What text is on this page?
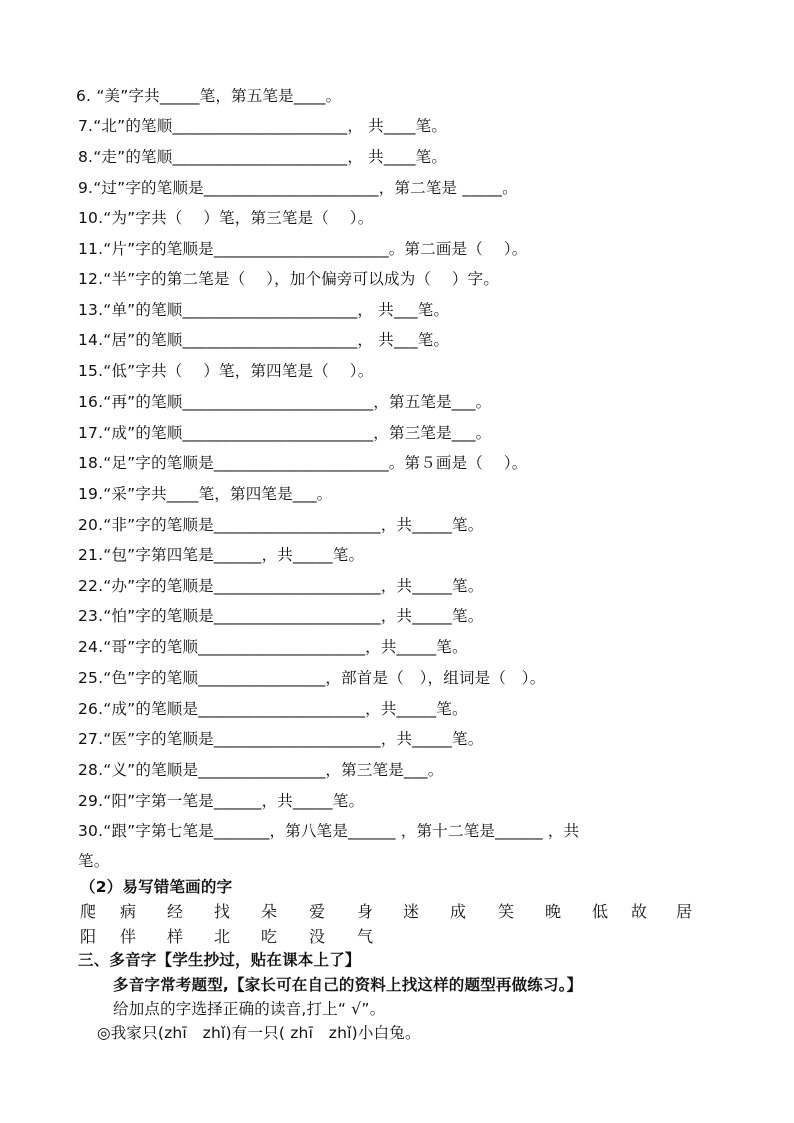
6. “美”字共_____笔，第五笔是____。
7.“北”的笔顺______________________， 共____笔。
8.“走”的笔顺______________________， 共____笔。
9.“过”字的笔顺是______________________，第二笔是 _____。
10.“为”字共（　 ）笔，第三笔是（　 ）。
11.“片”字的笔顺是______________________。第二画是（　 ）。
12.“半”字的第二笔是（　 ），加个偏旁可以成为（　 ）字。
13.“单”的笔顺______________________， 共___笔。
14.“居”的笔顺______________________， 共___笔。
15.“低”字共（　 ）笔，第四笔是（　 ）。
16.“再”的笔顺________________________，第五笔是___。
17.“成”的笔顺________________________，第三笔是___。
18.“足”字的笔顺是______________________。第５画是（　 ）。
19.“采”字共____笔，第四笔是___。
20.“非”字的笔顺是_____________________，共_____笔。
21.“包”字第四笔是______，共_____笔。
22.“办”字的笔顺是_____________________，共_____笔。
23.“怕”字的笔顺是_____________________，共_____笔。
24.“哥”字的笔顺_____________________，共_____笔。
25.“色”字的笔顺________________，部首是（　），组词是（　）。
26.“成”的笔顺是_____________________，共_____笔。
27.“医”字的笔顺是_____________________，共_____笔。
28.“义”的笔顺是________________，第三笔是___。
29.“阳”字第一笔是______，共_____笔。
30.“跟”字第七笔是_______，第八笔是______ ，第十二笔是______ ，共
笔。
（2）易写错笔画的字
爬 病 经 找 朵 爱 身 迷 成 笑 晚 低 故 居
阳 伴 样 北 吃 没 气
三、多音字【学生抄过，贴在课本上了】
多音字常考题型,【家长可在自己的资料上找这样的题型再做练习。】
给加点的字选择正确的读音,打上“ √”。
◎我家只(zhī　zhǐ)有一只( zhī　zhǐ)小白兔。
